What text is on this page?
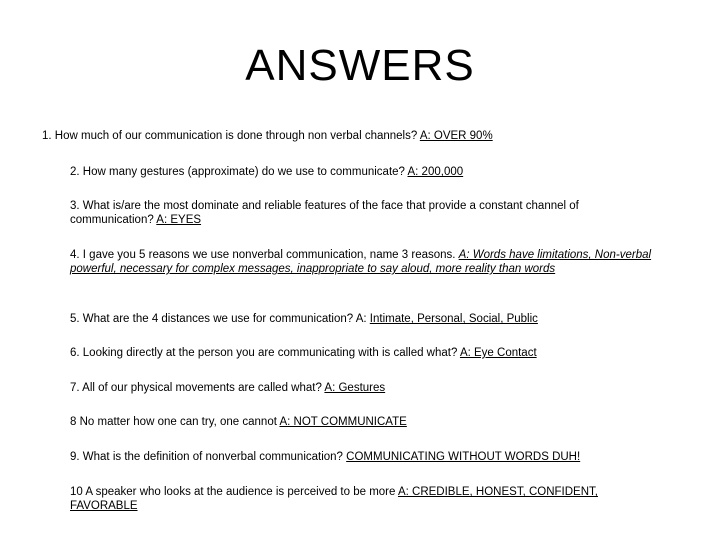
ANSWERS

1. How much of our communication is done through non verbal channels? A: OVER 90%

2. How many gestures (approximate) do we use to communicate? A: 200,000

3. What is/are the most dominate and reliable features of the face that provide a constant channel of communication? A: EYES

4. I gave you 5 reasons we use nonverbal communication, name 3 reasons. A: Words have limitations, Non-verbal powerful, necessary for complex messages, inappropriate to say aloud, more reality than words

5. What are the 4 distances we use for communication? A: Intimate, Personal, Social, Public

6. Looking directly at the person you are communicating with is called what? A: Eye Contact

7. All of our physical movements are called what? A: Gestures

8 No matter how one can try, one cannot A: NOT COMMUNICATE

9. What is the definition of nonverbal communication? COMMUNICATING WITHOUT WORDS DUH!

10 A speaker who looks at the audience is perceived to be more A: CREDIBLE, HONEST, CONFIDENT, FAVORABLE
